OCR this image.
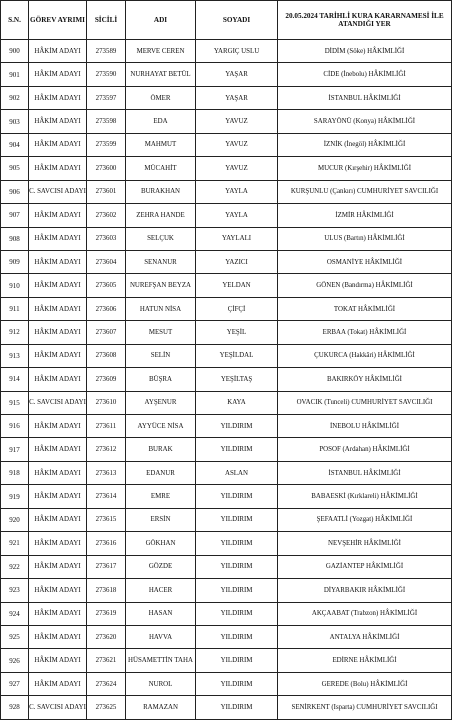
S.N.	GÖREV AYRIMI	SİCİLİ	ADI	SOYADI	20.05.2024 TARİHLİ KURA KARARNAMESİ İLE ATANDIĞI YER
900	HÂKİM ADAYI	273589	MERVE CEREN	YARGIÇ USLU	DİDİM (Söke) HÂKİMLİĞİ
901	HÂKİM ADAYI	273590	NURHAYAT BETÜL	YAŞAR	CİDE (İnebolu) HÂKİMLİĞİ
902	HÂKİM ADAYI	273597	ÖMER	YAŞAR	İSTANBUL HÂKİMLİĞİ
903	HÂKİM ADAYI	273598	EDA	YAVUZ	SARAYÖNÜ (Konya) HÂKİMLİĞİ
904	HÂKİM ADAYI	273599	MAHMUT	YAVUZ	İZNİK (İnegöl) HÂKİMLİĞİ
905	HÂKİM ADAYI	273600	MÜCAHİT	YAVUZ	MUCUR (Kırşehir) HÂKİMLİĞİ
906	C. SAVCISI ADAYI	273601	BURAKHAN	YAYLA	KURŞUNLU (Çankırı) CUMHURİYET SAVCILIĞI
907	HÂKİM ADAYI	273602	ZEHRA HANDE	YAYLA	İZMİR HÂKİMLİĞİ
908	HÂKİM ADAYI	273603	SELÇUK	YAYLALI	ULUS (Bartın) HÂKİMLİĞİ
909	HÂKİM ADAYI	273604	SENANUR	YAZICI	OSMANİYE HÂKİMLİĞİ
910	HÂKİM ADAYI	273605	NUREFŞAN BEYZA	YELDAN	GÖNEN (Bandırma) HÂKİMLİĞİ
911	HÂKİM ADAYI	273606	HATUN NİSA	ÇİFÇİ	TOKAT HÂKİMLİĞİ
912	HÂKİM ADAYI	273607	MESUT	YEŞİL	ERBAA (Tokat) HÂKİMLİĞİ
913	HÂKİM ADAYI	273608	SELİN	YEŞİLDAL	ÇUKURCA (Hakkâri) HÂKİMLİĞİ
914	HÂKİM ADAYI	273609	BÜŞRA	YEŞİLTAŞ	BAKIRKÖY HÂKİMLİĞİ
915	C. SAVCISI ADAYI	273610	AYŞENUR	KAYA	OVACIK (Tunceli) CUMHURİYET SAVCILIĞI
916	HÂKİM ADAYI	273611	AYYÜCE NİSA	YILDIRIM	İNEBOLU HÂKİMLİĞİ
917	HÂKİM ADAYI	273612	BURAK	YILDIRIM	POSOF (Ardahan) HÂKİMLİĞİ
918	HÂKİM ADAYI	273613	EDANUR	ASLAN	İSTANBUL HÂKİMLİĞİ
919	HÂKİM ADAYI	273614	EMRE	YILDIRIM	BABAESKİ (Kırklareli) HÂKİMLİĞİ
920	HÂKİM ADAYI	273615	ERSİN	YILDIRIM	ŞEFAATLİ (Yozgat) HÂKİMLİĞİ
921	HÂKİM ADAYI	273616	GÖKHAN	YILDIRIM	NEVŞEHİR HÂKİMLİĞİ
922	HÂKİM ADAYI	273617	GÖZDE	YILDIRIM	GAZİANTEP HÂKİMLİĞİ
923	HÂKİM ADAYI	273618	HACER	YILDIRIM	DİYARBAKIR HÂKİMLİĞİ
924	HÂKİM ADAYI	273619	HASAN	YILDIRIM	AKÇAABAT (Trabzon) HÂKİMLİĞİ
925	HÂKİM ADAYI	273620	HAVVA	YILDIRIM	ANTALYA HÂKİMLİĞİ
926	HÂKİM ADAYI	273621	HÜSAMETTİN TAHA	YILDIRIM	EDİRNE HÂKİMLİĞİ
927	HÂKİM ADAYI	273624	NUROL	YILDIRIM	GEREDE (Bolu) HÂKİMLİĞİ
928	C. SAVCISI ADAYI	273625	RAMAZAN	YILDIRIM	SENİRKENT (Isparta) CUMHURİYET SAVCILIĞI
